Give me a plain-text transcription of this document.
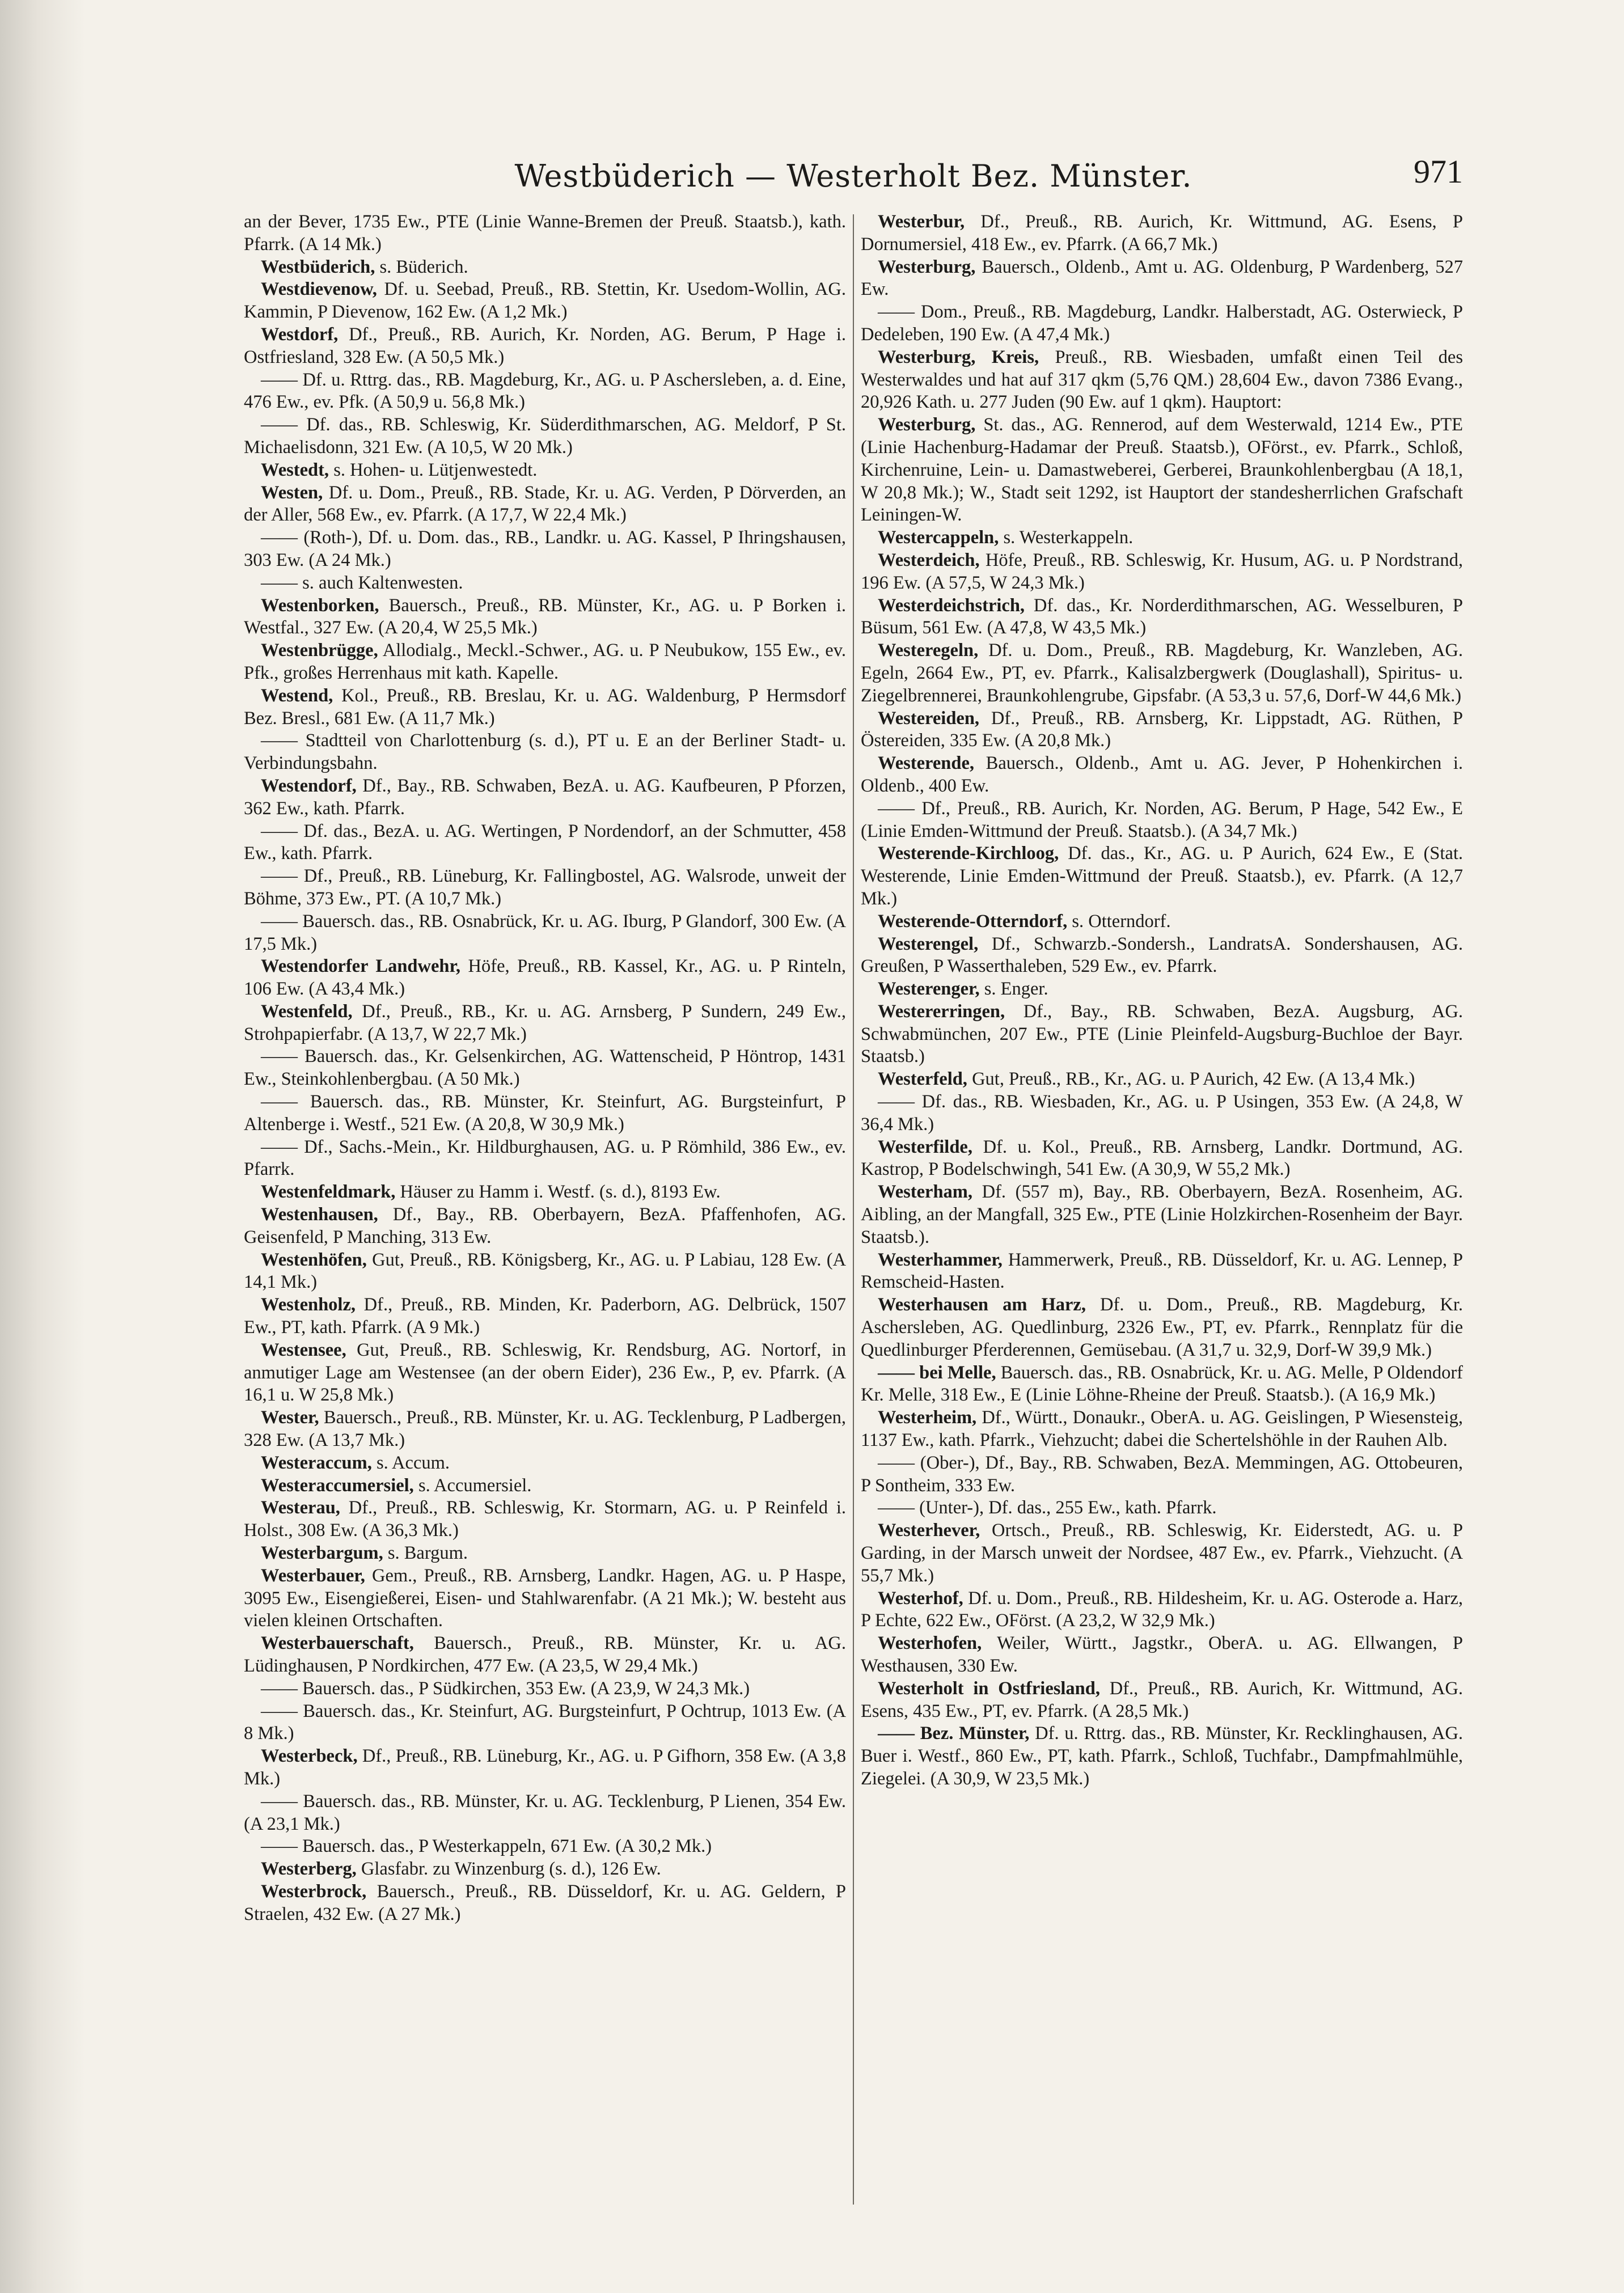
Westbüderich — Westerholt Bez. Münster.	971

an der Bever, 1735 Ew., PTE (Linie Wanne-Bremen der Preuß. Staatsb.), kath. Pfarrk. (A 14 Mk.)

Westbüderich, s. Büderich.

Westdievenow, Df. u. Seebad, Preuß., RB. Stettin, Kr. Usedom-Wollin, AG. Kammin, P Dievenow, 162 Ew. (A 1,2 Mk.)

Westdorf, Df., Preuß., RB. Aurich, Kr. Norden, AG. Berum, P Hage i. Ostfriesland, 328 Ew. (A 50,5 Mk.)

—— Df. u. Rttrg. das., RB. Magdeburg, Kr., AG. u. P Aschersleben, a. d. Eine, 476 Ew., ev. Pfk. (A 50,9 u. 56,8 Mk.)

—— Df. das., RB. Schleswig, Kr. Süderdithmarschen, AG. Meldorf, P St. Michaelisdonn, 321 Ew. (A 10,5, W 20 Mk.)

Westedt, s. Hohen- u. Lütjenwestedt.

Westen, Df. u. Dom., Preuß., RB. Stade, Kr. u. AG. Verden, P Dörverden, an der Aller, 568 Ew., ev. Pfarrk. (A 17,7, W 22,4 Mk.)

—— (Roth-), Df. u. Dom. das., RB., Landkr. u. AG. Kassel, P Ihringshausen, 303 Ew. (A 24 Mk.)

—— s. auch Kaltenwesten.

Westenborken, Bauersch., Preuß., RB. Münster, Kr., AG. u. P Borken i. Westfal., 327 Ew. (A 20,4, W 25,5 Mk.)

Westenbrügge, Allodialg., Meckl.-Schwer., AG. u. P Neubukow, 155 Ew., ev. Pfk., großes Herrenhaus mit kath. Kapelle.

Westend, Kol., Preuß., RB. Breslau, Kr. u. AG. Waldenburg, P Hermsdorf Bez. Bresl., 681 Ew. (A 11,7 Mk.)

—— Stadtteil von Charlottenburg (s. d.), PT u. E an der Berliner Stadt- u. Verbindungsbahn.

Westendorf, Df., Bay., RB. Schwaben, BezA. u. AG. Kaufbeuren, P Pforzen, 362 Ew., kath. Pfarrk.

—— Df. das., BezA. u. AG. Wertingen, P Nordendorf, an der Schmutter, 458 Ew., kath. Pfarrk.

—— Df., Preuß., RB. Lüneburg, Kr. Fallingbostel, AG. Walsrode, unweit der Böhme, 373 Ew., PT. (A 10,7 Mk.)

—— Bauersch. das., RB. Osnabrück, Kr. u. AG. Iburg, P Glandorf, 300 Ew. (A 17,5 Mk.)

Westendorfer Landwehr, Höfe, Preuß., RB. Kassel, Kr., AG. u. P Rinteln, 106 Ew. (A 43,4 Mk.)

Westenfeld, Df., Preuß., RB., Kr. u. AG. Arnsberg, P Sundern, 249 Ew., Strohpapierfabr. (A 13,7, W 22,7 Mk.)

—— Bauersch. das., Kr. Gelsenkirchen, AG. Wattenscheid, P Höntrop, 1431 Ew., Steinkohlenbergbau. (A 50 Mk.)

—— Bauersch. das., RB. Münster, Kr. Steinfurt, AG. Burgsteinfurt, P Altenberge i. Westf., 521 Ew. (A 20,8, W 30,9 Mk.)

—— Df., Sachs.-Mein., Kr. Hildburghausen, AG. u. P Römhild, 386 Ew., ev. Pfarrk.

Westenfeldmark, Häuser zu Hamm i. Westf. (s. d.), 8193 Ew.

Westenhausen, Df., Bay., RB. Oberbayern, BezA. Pfaffenhofen, AG. Geisenfeld, P Manching, 313 Ew.

Westenhöfen, Gut, Preuß., RB. Königsberg, Kr., AG. u. P Labiau, 128 Ew. (A 14,1 Mk.)

Westenholz, Df., Preuß., RB. Minden, Kr. Paderborn, AG. Delbrück, 1507 Ew., PT, kath. Pfarrk. (A 9 Mk.)

Westensee, Gut, Preuß., RB. Schleswig, Kr. Rendsburg, AG. Nortorf, in anmutiger Lage am Westensee (an der obern Eider), 236 Ew., P, ev. Pfarrk. (A 16,1 u. W 25,8 Mk.)

Wester, Bauersch., Preuß., RB. Münster, Kr. u. AG. Tecklenburg, P Ladbergen, 328 Ew. (A 13,7 Mk.)

Westeraccum, s. Accum.

Westeraccumersiel, s. Accumersiel.

Westerau, Df., Preuß., RB. Schleswig, Kr. Stormarn, AG. u. P Reinfeld i. Holst., 308 Ew. (A 36,3 Mk.)

Westerbargum, s. Bargum.

Westerbauer, Gem., Preuß., RB. Arnsberg, Landkr. Hagen, AG. u. P Haspe, 3095 Ew., Eisengießerei, Eisen- und Stahlwarenfabr. (A 21 Mk.); W. besteht aus vielen kleinen Ortschaften.

Westerbauerschaft, Bauersch., Preuß., RB. Münster, Kr. u. AG. Lüdinghausen, P Nordkirchen, 477 Ew. (A 23,5, W 29,4 Mk.)

—— Bauersch. das., P Südkirchen, 353 Ew. (A 23,9, W 24,3 Mk.)

—— Bauersch. das., Kr. Steinfurt, AG. Burgsteinfurt, P Ochtrup, 1013 Ew. (A 8 Mk.)

Westerbeck, Df., Preuß., RB. Lüneburg, Kr., AG. u. P Gifhorn, 358 Ew. (A 3,8 Mk.)

—— Bauersch. das., RB. Münster, Kr. u. AG. Tecklenburg, P Lienen, 354 Ew. (A 23,1 Mk.)

—— Bauersch. das., P Westerkappeln, 671 Ew. (A 30,2 Mk.)

Westerberg, Glasfabr. zu Winzenburg (s. d.), 126 Ew.

Westerbrock, Bauersch., Preuß., RB. Düsseldorf, Kr. u. AG. Geldern, P Straelen, 432 Ew. (A 27 Mk.)

Westerbur, Df., Preuß., RB. Aurich, Kr. Wittmund, AG. Esens, P Dornumersiel, 418 Ew., ev. Pfarrk. (A 66,7 Mk.)

Westerburg, Bauersch., Oldenb., Amt u. AG. Oldenburg, P Wardenberg, 527 Ew.

—— Dom., Preuß., RB. Magdeburg, Landkr. Halberstadt, AG. Osterwieck, P Dedeleben, 190 Ew. (A 47,4 Mk.)

Westerburg, Kreis, Preuß., RB. Wiesbaden, umfaßt einen Teil des Westerwaldes und hat auf 317 qkm (5,76 QM.) 28,604 Ew., davon 7386 Evang., 20,926 Kath. u. 277 Juden (90 Ew. auf 1 qkm). Hauptort:

Westerburg, St. das., AG. Rennerod, auf dem Westerwald, 1214 Ew., PTE (Linie Hachenburg-Hadamar der Preuß. Staatsb.), OFörst., ev. Pfarrk., Schloß, Kirchenruine, Lein- u. Damastweberei, Gerberei, Braunkohlenbergbau (A 18,1, W 20,8 Mk.); W., Stadt seit 1292, ist Hauptort der standesherrlichen Grafschaft Leiningen-W.

Westercappeln, s. Westerkappeln.

Westerdeich, Höfe, Preuß., RB. Schleswig, Kr. Husum, AG. u. P Nordstrand, 196 Ew. (A 57,5, W 24,3 Mk.)

Westerdeichstrich, Df. das., Kr. Norderdithmarschen, AG. Wesselburen, P Büsum, 561 Ew. (A 47,8, W 43,5 Mk.)

Westeregeln, Df. u. Dom., Preuß., RB. Magdeburg, Kr. Wanzleben, AG. Egeln, 2664 Ew., PT, ev. Pfarrk., Kalisalzbergwerk (Douglashall), Spiritus- u. Ziegelbrennerei, Braunkohlengrube, Gipsfabr. (A 53,3 u. 57,6, Dorf-W 44,6 Mk.)

Westereiden, Df., Preuß., RB. Arnsberg, Kr. Lippstadt, AG. Rüthen, P Östereiden, 335 Ew. (A 20,8 Mk.)

Westerende, Bauersch., Oldenb., Amt u. AG. Jever, P Hohenkirchen i. Oldenb., 400 Ew.

—— Df., Preuß., RB. Aurich, Kr. Norden, AG. Berum, P Hage, 542 Ew., E (Linie Emden-Wittmund der Preuß. Staatsb.). (A 34,7 Mk.)

Westerende-Kirchloog, Df. das., Kr., AG. u. P Aurich, 624 Ew., E (Stat. Westerende, Linie Emden-Wittmund der Preuß. Staatsb.), ev. Pfarrk. (A 12,7 Mk.)

Westerende-Otterndorf, s. Otterndorf.

Westerengel, Df., Schwarzb.-Sondersh., LandratsA. Sondershausen, AG. Greußen, P Wasserthaleben, 529 Ew., ev. Pfarrk.

Westerenger, s. Enger.

Westererringen, Df., Bay., RB. Schwaben, BezA. Augsburg, AG. Schwabmünchen, 207 Ew., PTE (Linie Pleinfeld-Augsburg-Buchloe der Bayr. Staatsb.)

Westerfeld, Gut, Preuß., RB., Kr., AG. u. P Aurich, 42 Ew. (A 13,4 Mk.)

—— Df. das., RB. Wiesbaden, Kr., AG. u. P Usingen, 353 Ew. (A 24,8, W 36,4 Mk.)

Westerfilde, Df. u. Kol., Preuß., RB. Arnsberg, Landkr. Dortmund, AG. Kastrop, P Bodelschwingh, 541 Ew. (A 30,9, W 55,2 Mk.)

Westerham, Df. (557 m), Bay., RB. Oberbayern, BezA. Rosenheim, AG. Aibling, an der Mangfall, 325 Ew., PTE (Linie Holzkirchen-Rosenheim der Bayr. Staatsb.).

Westerhammer, Hammerwerk, Preuß., RB. Düsseldorf, Kr. u. AG. Lennep, P Remscheid-Hasten.

Westerhausen am Harz, Df. u. Dom., Preuß., RB. Magdeburg, Kr. Aschersleben, AG. Quedlinburg, 2326 Ew., PT, ev. Pfarrk., Rennplatz für die Quedlinburger Pferderennen, Gemüsebau. (A 31,7 u. 32,9, Dorf-W 39,9 Mk.)

—— bei Melle, Bauersch. das., RB. Osnabrück, Kr. u. AG. Melle, P Oldendorf Kr. Melle, 318 Ew., E (Linie Löhne-Rheine der Preuß. Staatsb.). (A 16,9 Mk.)

Westerheim, Df., Württ., Donaukr., OberA. u. AG. Geislingen, P Wiesensteig, 1137 Ew., kath. Pfarrk., Viehzucht; dabei die Schertelshöhle in der Rauhen Alb.

—— (Ober-), Df., Bay., RB. Schwaben, BezA. Memmingen, AG. Ottobeuren, P Sontheim, 333 Ew.

—— (Unter-), Df. das., 255 Ew., kath. Pfarrk.

Westerhever, Ortsch., Preuß., RB. Schleswig, Kr. Eiderstedt, AG. u. P Garding, in der Marsch unweit der Nordsee, 487 Ew., ev. Pfarrk., Viehzucht. (A 55,7 Mk.)

Westerhof, Df. u. Dom., Preuß., RB. Hildesheim, Kr. u. AG. Osterode a. Harz, P Echte, 622 Ew., OFörst. (A 23,2, W 32,9 Mk.)

Westerhofen, Weiler, Württ., Jagstkr., OberA. u. AG. Ellwangen, P Westhausen, 330 Ew.

Westerholt in Ostfriesland, Df., Preuß., RB. Aurich, Kr. Wittmund, AG. Esens, 435 Ew., PT, ev. Pfarrk. (A 28,5 Mk.)

—— Bez. Münster, Df. u. Rttrg. das., RB. Münster, Kr. Recklinghausen, AG. Buer i. Westf., 860 Ew., PT, kath. Pfarrk., Schloß, Tuchfabr., Dampfmahlmühle, Ziegelei. (A 30,9, W 23,5 Mk.)
